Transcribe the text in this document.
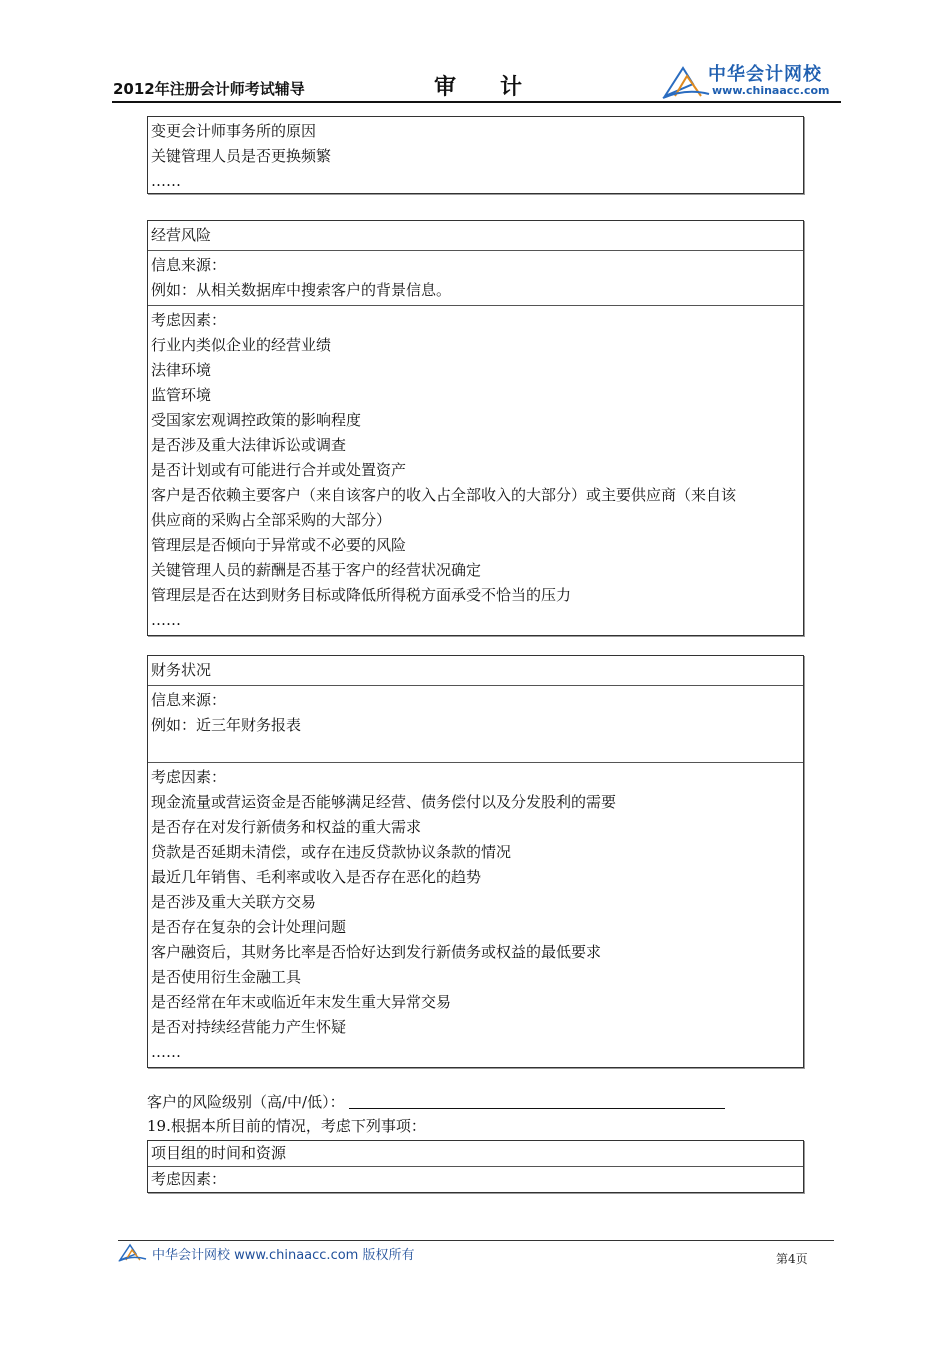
2012年注册会计师考试辅导	审计
中华会计网校
www.chinaacc.com
变更会计师事务所的原因
关键管理人员是否更换频繁
……
经营风险
信息来源：
例如：从相关数据库中搜索客户的背景信息。
考虑因素：
行业内类似企业的经营业绩
法律环境
监管环境
受国家宏观调控政策的影响程度
是否涉及重大法律诉讼或调查
是否计划或有可能进行合并或处置资产
客户是否依赖主要客户（来自该客户的收入占全部收入的大部分）或主要供应商（来自该
供应商的采购占全部采购的大部分）
管理层是否倾向于异常或不必要的风险
关键管理人员的薪酬是否基于客户的经营状况确定
管理层是否在达到财务目标或降低所得税方面承受不恰当的压力
……
财务状况
信息来源：
例如：近三年财务报表
考虑因素：
现金流量或营运资金是否能够满足经营、债务偿付以及分发股利的需要
是否存在对发行新债务和权益的重大需求
贷款是否延期未清偿，或存在违反贷款协议条款的情况
最近几年销售、毛利率或收入是否存在恶化的趋势
是否涉及重大关联方交易
是否存在复杂的会计处理问题
客户融资后，其财务比率是否恰好达到发行新债务或权益的最低要求
是否使用衍生金融工具
是否经常在年末或临近年末发生重大异常交易
是否对持续经营能力产生怀疑
……
客户的风险级别（高/中/低）：
19.根据本所目前的情况，考虑下列事项：
项目组的时间和资源
考虑因素：
中华会计网校 www.chinaacc.com 版权所有	第4页
